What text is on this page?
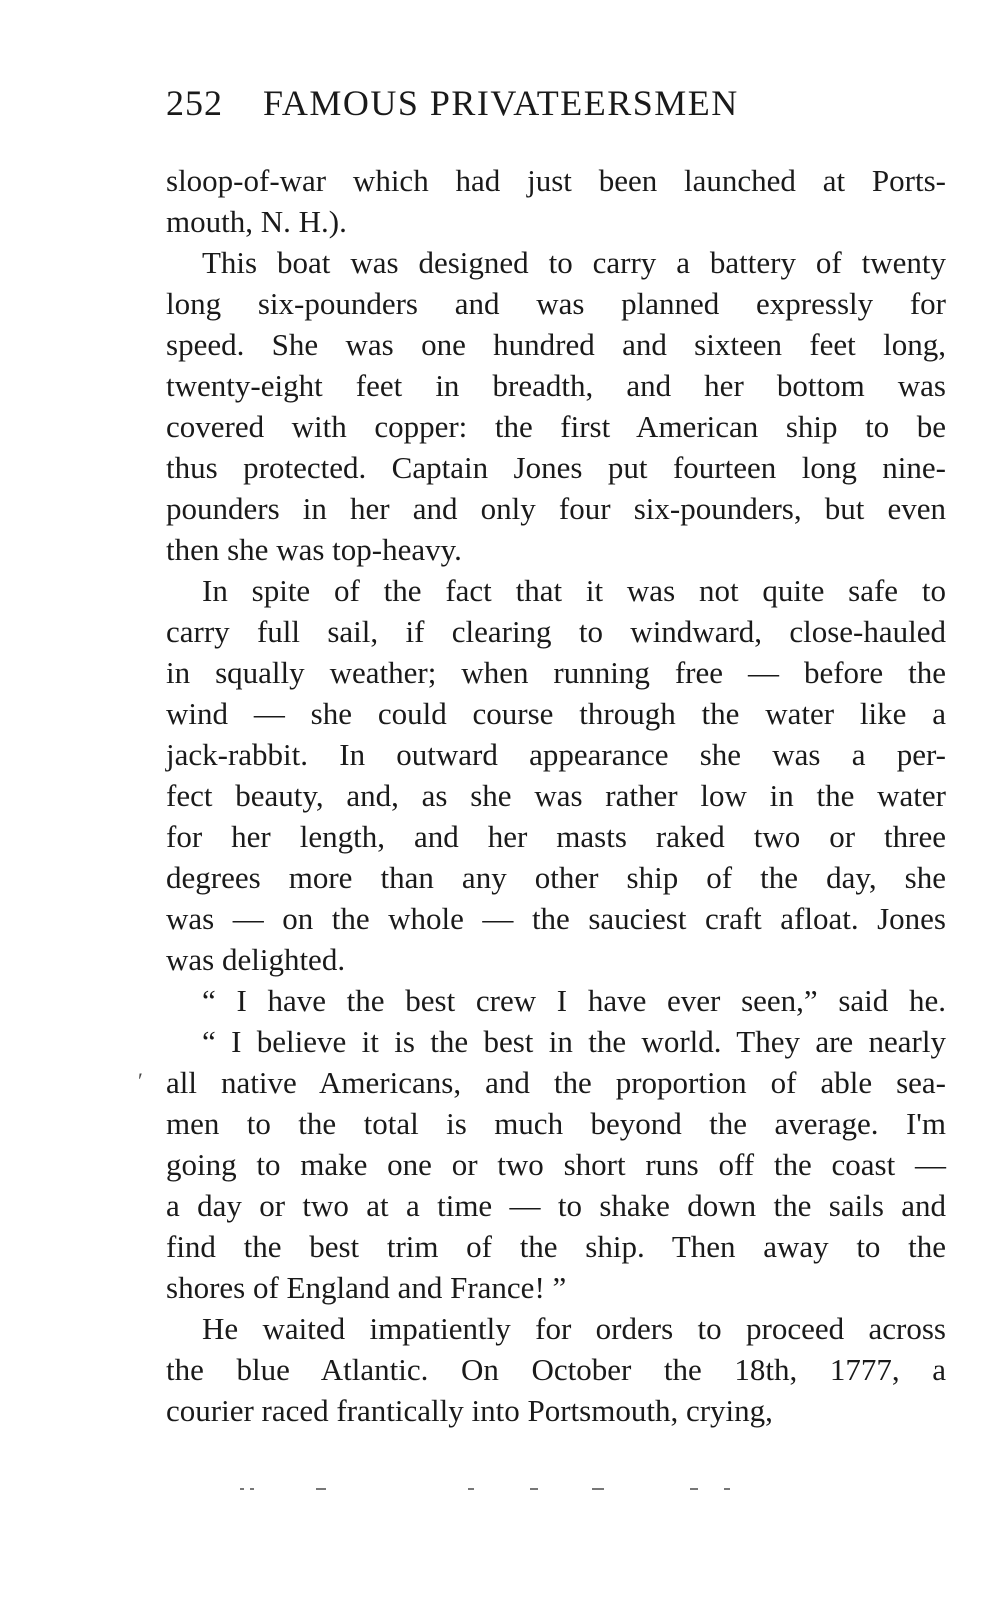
252 FAMOUS PRIVATEERSMEN
sloop-of-war which had just been launched at Ports-
mouth, N. H.).
This boat was designed to carry a battery of twenty
long six-pounders and was planned expressly for
speed. She was one hundred and sixteen feet long,
twenty-eight feet in breadth, and her bottom was
covered with copper: the first American ship to be
thus protected. Captain Jones put fourteen long nine-
pounders in her and only four six-pounders, but even
then she was top-heavy.
In spite of the fact that it was not quite safe to
carry full sail, if clearing to windward, close-hauled
in squally weather; when running free — before the
wind — she could course through the water like a
jack-rabbit. In outward appearance she was a per-
fect beauty, and, as she was rather low in the water
for her length, and her masts raked two or three
degrees more than any other ship of the day, she
was — on the whole — the sauciest craft afloat. Jones
was delighted.
“ I have the best crew I have ever seen,” said he.
“ I believe it is the best in the world. They are nearly
all native Americans, and the proportion of able sea-
men to the total is much beyond the average. I'm
going to make one or two short runs off the coast —
a day or two at a time — to shake down the sails and
find the best trim of the ship. Then away to the
shores of England and France! ”
He waited impatiently for orders to proceed across
the blue Atlantic. On October the 18th, 1777, a
courier raced frantically into Portsmouth, crying,
′
